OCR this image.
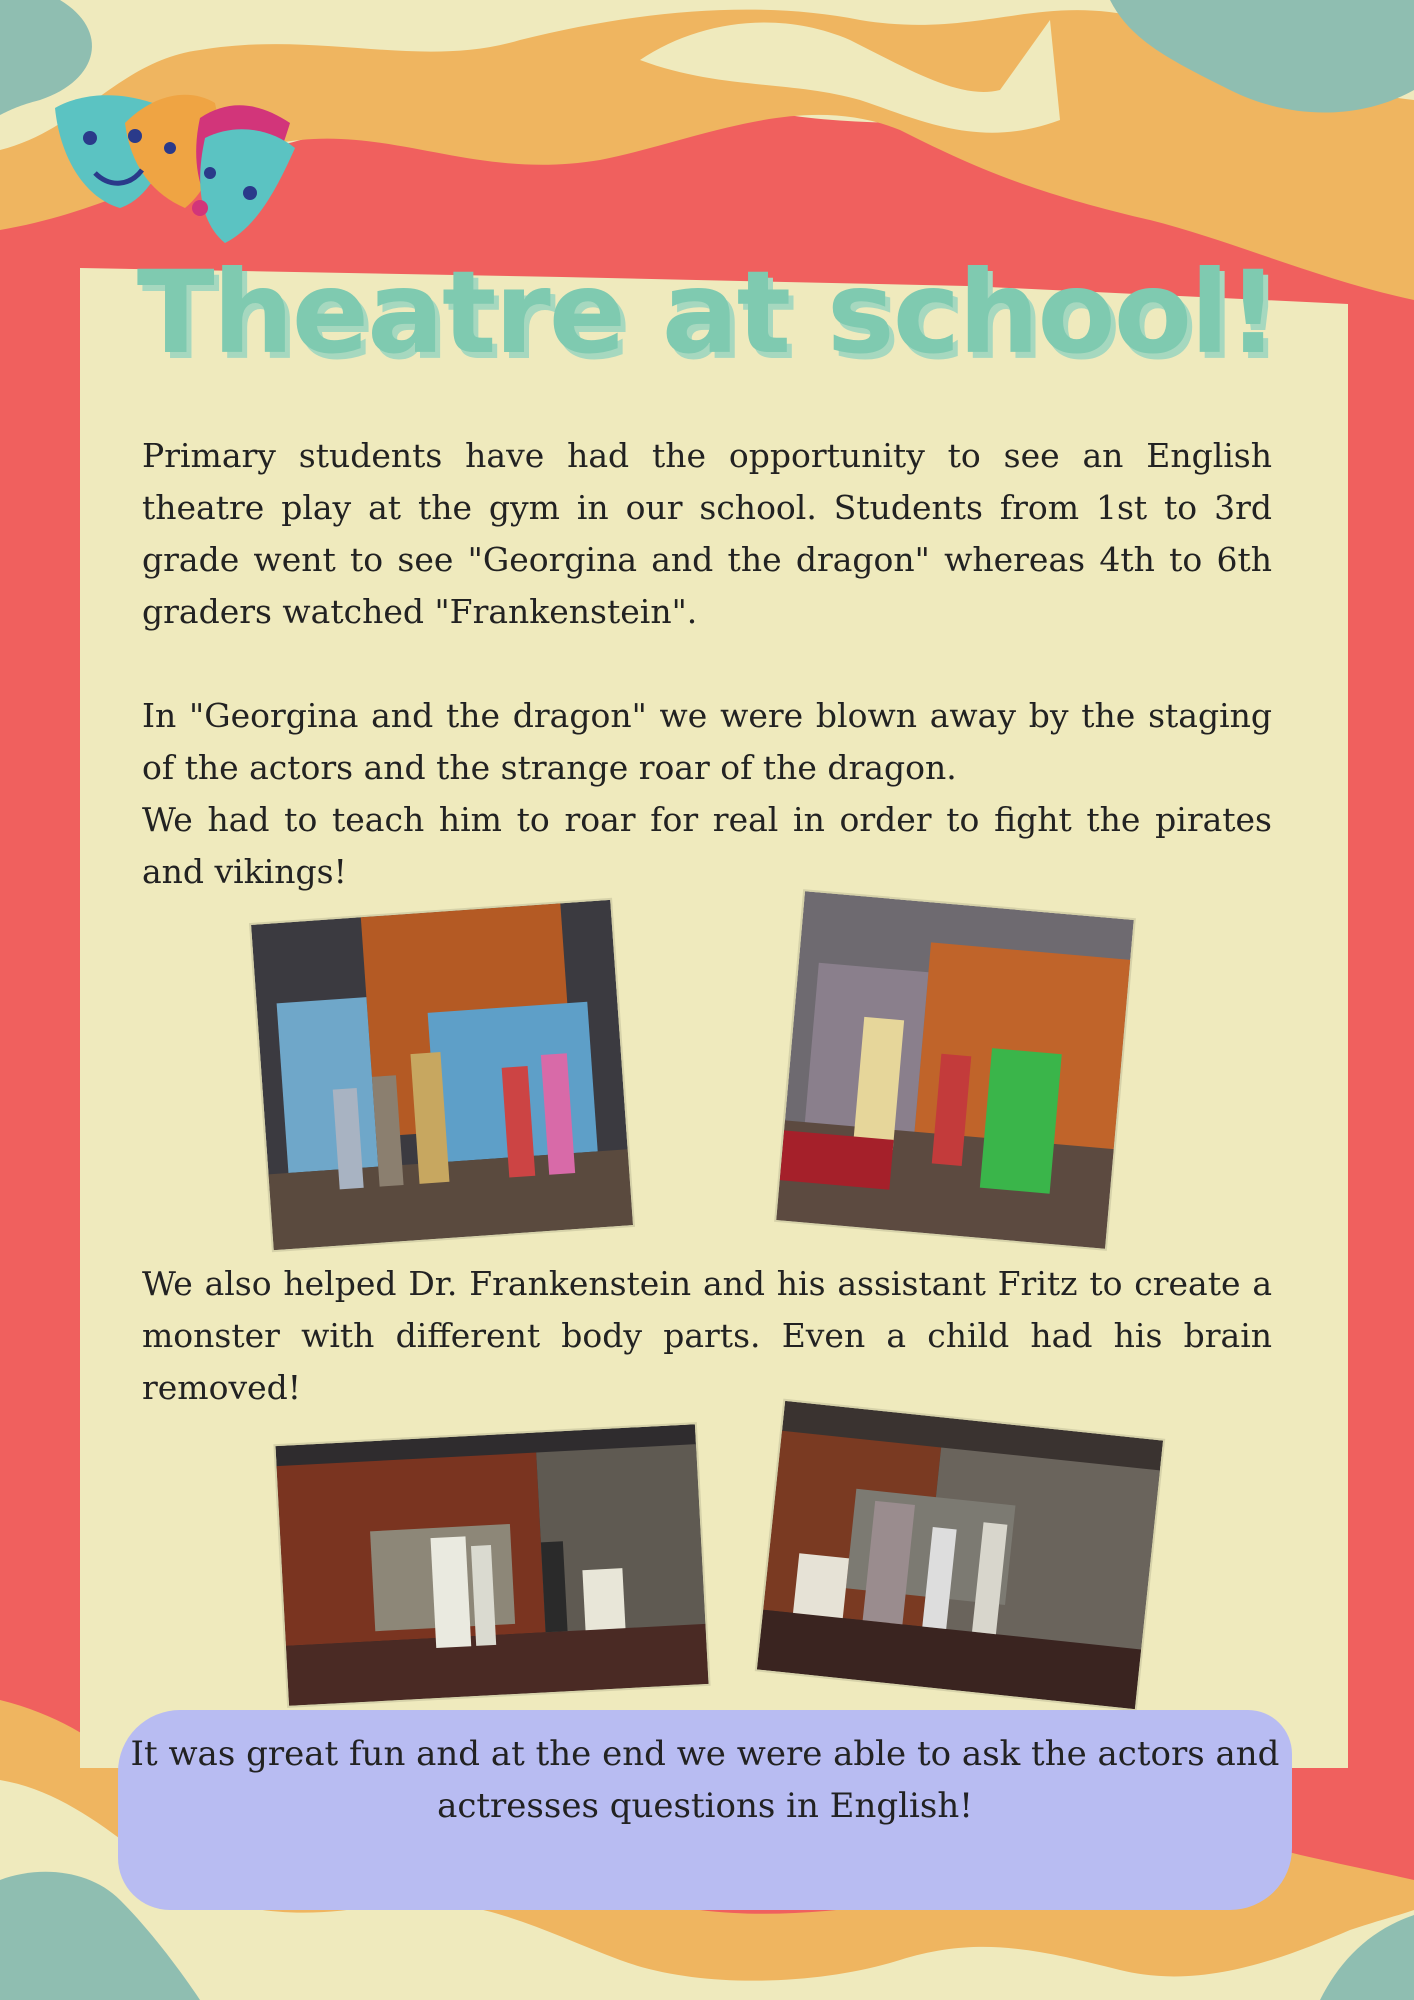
Theatre at school!

Primary students have had the opportunity to see an English theatre play at the gym in our school. Students from 1st to 3rd grade went to see "Georgina and the dragon" whereas 4th to 6th graders watched "Frankenstein".

In "Georgina and the dragon" we were blown away by the staging of the actors and the strange roar of the dragon.
We had to teach him to roar for real in order to fight the pirates and vikings!

We also helped Dr. Frankenstein and his assistant Fritz to create a monster with different body parts. Even a child had his brain removed!

It was great fun and at the end we were able to ask the actors and actresses questions in English!
